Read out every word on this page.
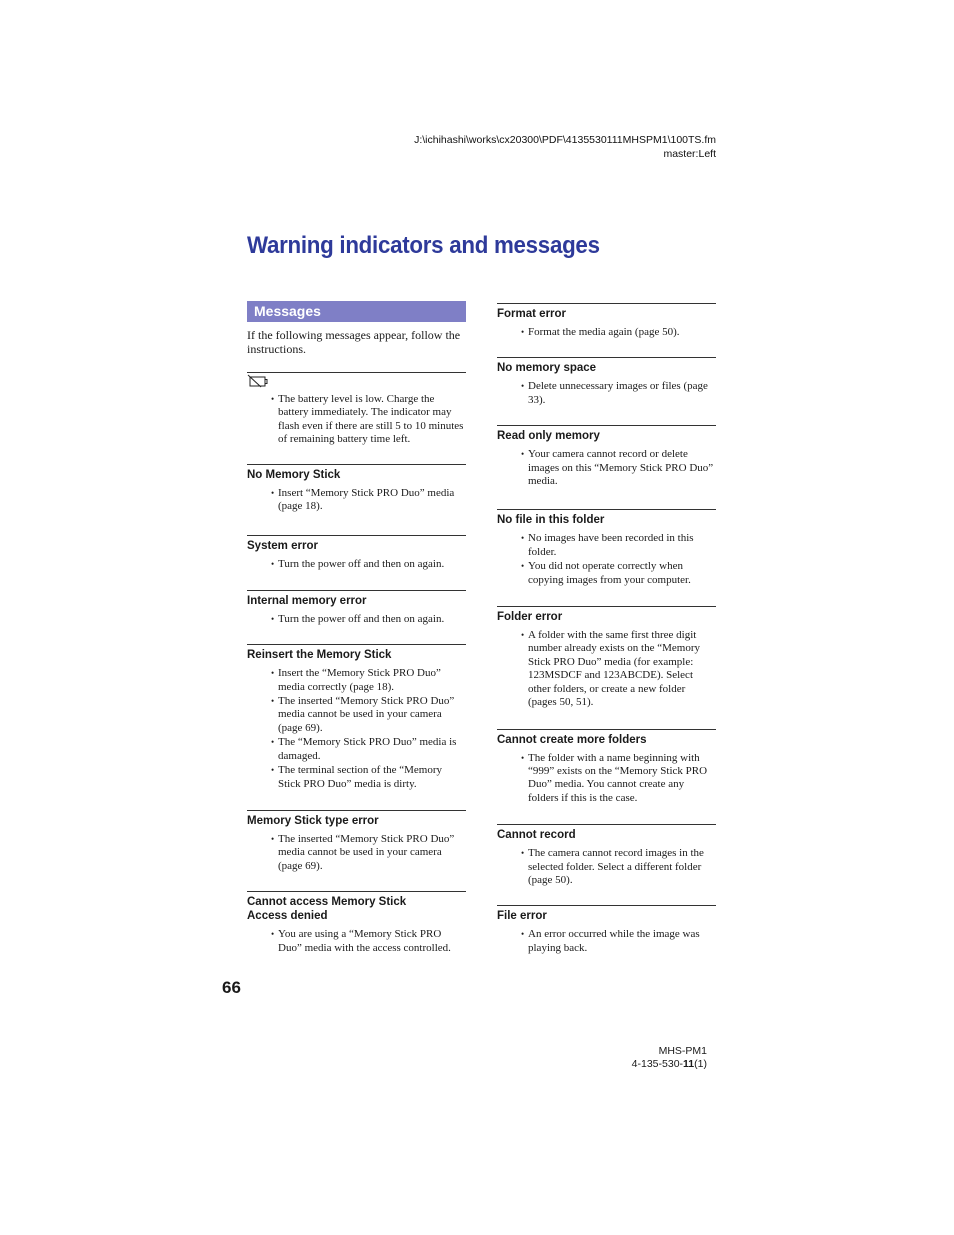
J:\ichihashi\works\cx20300\PDF\4135530111MHSPM1\100TS.fm
master:Left
Warning indicators and messages
Messages

If the following messages appear, follow the instructions.

• The battery level is low. Charge the battery immediately. The indicator may flash even if there are still 5 to 10 minutes of remaining battery time left.
No Memory Stick
• Insert “Memory Stick PRO Duo” media (page 18).
System error
• Turn the power off and then on again.
Internal memory error
• Turn the power off and then on again.
Reinsert the Memory Stick
• Insert the “Memory Stick PRO Duo” media correctly (page 18).
• The inserted “Memory Stick PRO Duo” media cannot be used in your camera (page 69).
• The “Memory Stick PRO Duo” media is damaged.
• The terminal section of the “Memory Stick PRO Duo” media is dirty.
Memory Stick type error
• The inserted “Memory Stick PRO Duo” media cannot be used in your camera (page 69).
Cannot access Memory Stick
Access denied
• You are using a “Memory Stick PRO Duo” media with the access controlled.
Format error
• Format the media again (page 50).
No memory space
• Delete unnecessary images or files (page 33).
Read only memory
• Your camera cannot record or delete images on this “Memory Stick PRO Duo” media.
No file in this folder
• No images have been recorded in this folder.
• You did not operate correctly when copying images from your computer.
Folder error
• A folder with the same first three digit number already exists on the “Memory Stick PRO Duo” media (for example: 123MSDCF and 123ABCDE). Select other folders, or create a new folder (pages 50, 51).
Cannot create more folders
• The folder with a name beginning with “999” exists on the “Memory Stick PRO Duo” media. You cannot create any folders if this is the case.
Cannot record
• The camera cannot record images in the selected folder. Select a different folder (page 50).
File error
• An error occurred while the image was playing back.
66
MHS-PM1
4-135-530-11(1)
